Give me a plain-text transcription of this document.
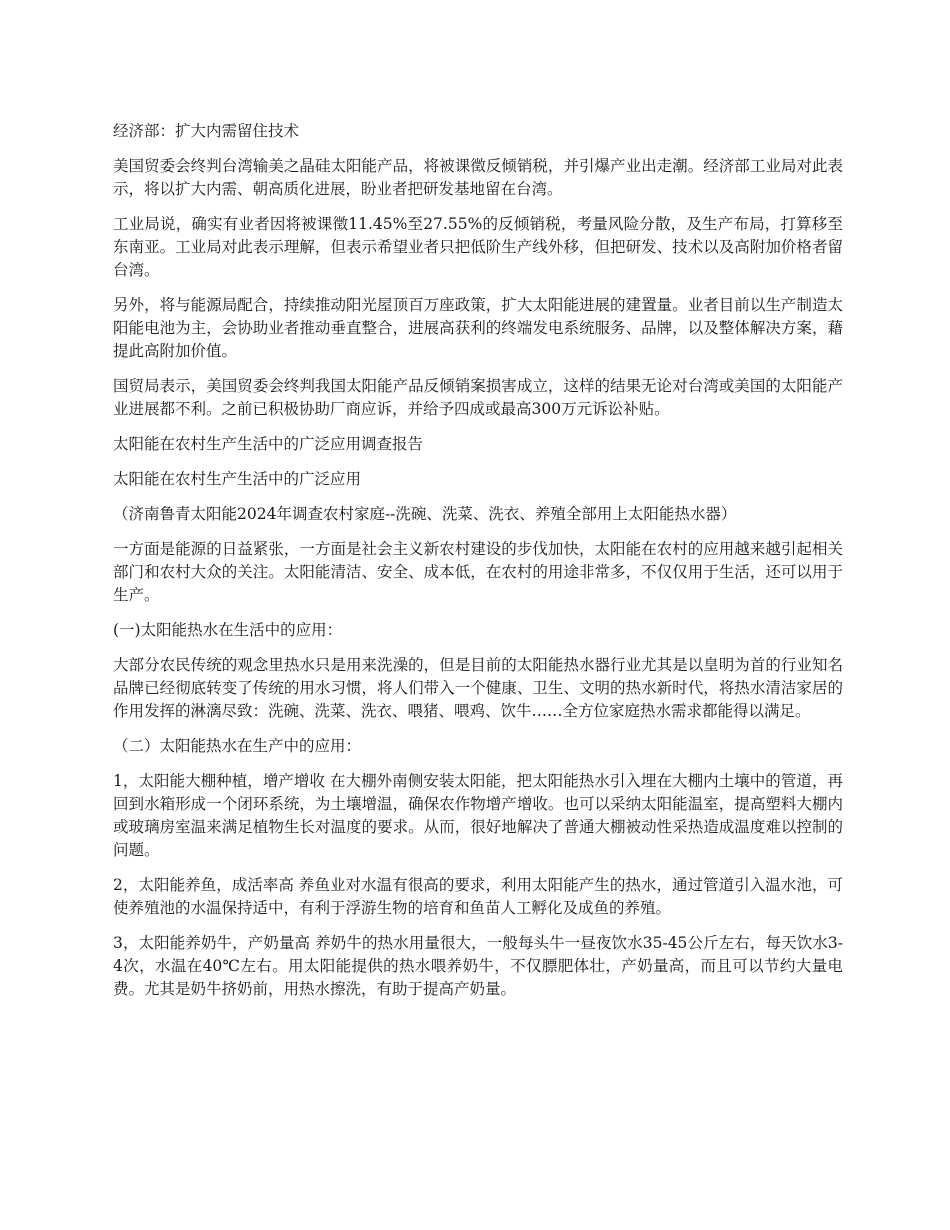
经济部：扩大内需留住技术

美国贸委会终判台湾输美之晶硅太阳能产品，将被课徵反倾销税，并引爆产业出走潮。经济部工业局对此表示，将以扩大内需、朝高质化进展，盼业者把研发基地留在台湾。

工业局说，确实有业者因将被课徵11.45%至27.55%的反倾销税，考量风险分散，及生产布局，打算移至东南亚。工业局对此表示理解，但表示希望业者只把低阶生产线外移，但把研发、技术以及高附加价格者留台湾。

另外，将与能源局配合，持续推动阳光屋顶百万座政策，扩大太阳能进展的建置量。业者目前以生产制造太阳能电池为主，会协助业者推动垂直整合，进展高获利的终端发电系统服务、品牌，以及整体解决方案，藉提此高附加价值。

国贸局表示，美国贸委会终判我国太阳能产品反倾销案损害成立，这样的结果无论对台湾或美国的太阳能产业进展都不利。之前已积极协助厂商应诉，并给予四成或最高300万元诉讼补贴。

太阳能在农村生产生活中的广泛应用调查报告

太阳能在农村生产生活中的广泛应用

（济南鲁青太阳能2024年调查农村家庭--洗碗、洗菜、洗衣、养殖全部用上太阳能热水器）

一方面是能源的日益紧张，一方面是社会主义新农村建设的步伐加快，太阳能在农村的应用越来越引起相关部门和农村大众的关注。太阳能清洁、安全、成本低，在农村的用途非常多，不仅仅用于生活，还可以用于生产。

(一)太阳能热水在生活中的应用：

大部分农民传统的观念里热水只是用来洗澡的，但是目前的太阳能热水器行业尤其是以皇明为首的行业知名品牌已经彻底转变了传统的用水习惯，将人们带入一个健康、卫生、文明的热水新时代，将热水清洁家居的作用发挥的淋漓尽致：洗碗、洗菜、洗衣、喂猪、喂鸡、饮牛……全方位家庭热水需求都能得以满足。

（二）太阳能热水在生产中的应用：

1，太阳能大棚种植，增产增收 在大棚外南侧安装太阳能，把太阳能热水引入埋在大棚内土壤中的管道，再回到水箱形成一个闭环系统，为土壤增温，确保农作物增产增收。也可以采纳太阳能温室，提高塑料大棚内或玻璃房室温来满足植物生长对温度的要求。从而，很好地解决了普通大棚被动性采热造成温度难以控制的问题。

2，太阳能养鱼，成活率高 养鱼业对水温有很高的要求，利用太阳能产生的热水，通过管道引入温水池，可使养殖池的水温保持适中，有利于浮游生物的培育和鱼苗人工孵化及成鱼的养殖。

3，太阳能养奶牛，产奶量高 养奶牛的热水用量很大，一般每头牛一昼夜饮水35-45公斤左右，每天饮水3-4次，水温在40℃左右。用太阳能提供的热水喂养奶牛，不仅膘肥体壮，产奶量高，而且可以节约大量电费。尤其是奶牛挤奶前，用热水擦洗，有助于提高产奶量。
